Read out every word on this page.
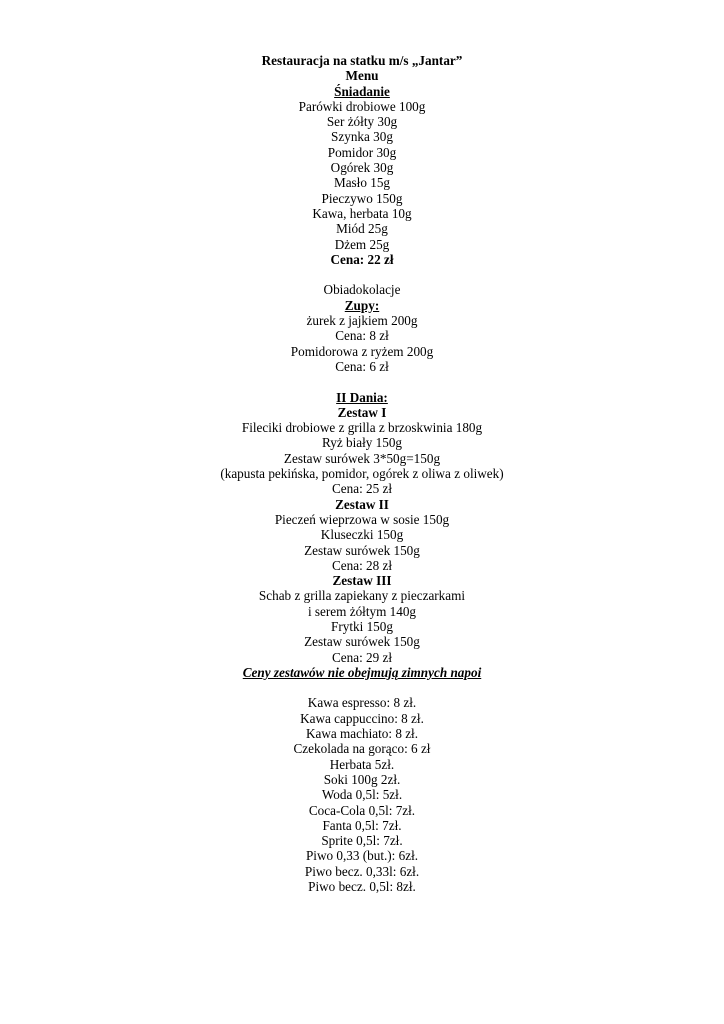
Restauracja na statku m/s „Jantar”
Menu
Śniadanie
Parówki drobiowe 100g
Ser żółty 30g
Szynka 30g
Pomidor 30g
Ogórek 30g
Masło 15g
Pieczywo 150g
Kawa, herbata 10g
Miód 25g
Dżem 25g
Cena: 22 zł
Obiadokolacje
Zupy:
żurek z jajkiem 200g
Cena: 8 zł
Pomidorowa z ryżem 200g
Cena: 6 zł
II Dania:
Zestaw I
Fileciki drobiowe z grilla z brzoskwinia 180g
Ryż biały 150g
Zestaw surówek 3*50g=150g
(kapusta pekińska, pomidor, ogórek z oliwa z oliwek)
Cena: 25 zł
Zestaw II
Pieczeń wieprzowa w sosie 150g
Kluseczki 150g
Zestaw surówek 150g
Cena: 28 zł
Zestaw III
Schab z grilla zapiekany z pieczarkami
i serem żółtym 140g
Frytki 150g
Zestaw surówek 150g
Cena: 29 zł
Ceny zestawów nie obejmują zimnych napoi
Kawa espresso: 8 zł.
Kawa cappuccino: 8 zł.
Kawa machiato: 8 zł.
Czekolada na gorąco: 6 zł
Herbata 5zł.
Soki 100g 2zł.
Woda 0,5l: 5zł.
Coca-Cola 0,5l: 7zł.
Fanta 0,5l: 7zł.
Sprite 0,5l: 7zł.
Piwo 0,33 (but.): 6zł.
Piwo becz. 0,33l: 6zł.
Piwo becz. 0,5l: 8zł.
